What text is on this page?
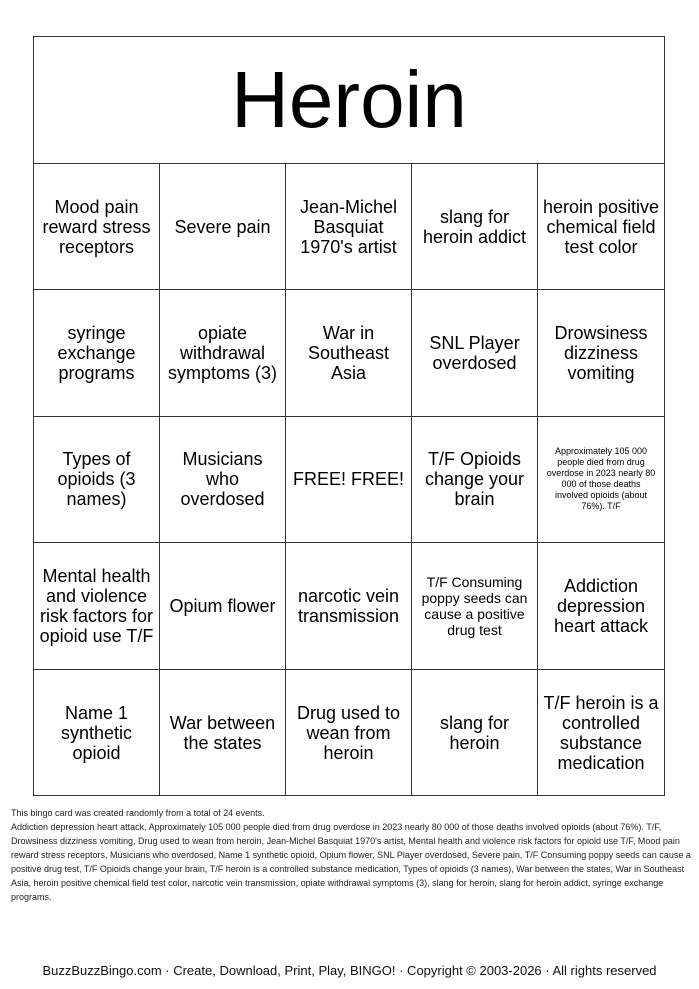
Heroin
Mood pain reward stress receptors
Severe pain
Jean-Michel Basquiat 1970's artist
slang for heroin addict
heroin positive chemical field test color
syringe exchange programs
opiate withdrawal symptoms (3)
War in Southeast Asia
SNL Player overdosed
Drowsiness dizziness vomiting
Types of opioids (3 names)
Musicians who overdosed
FREE! FREE!
T/F Opioids change your brain
Approximately 105 000 people died from drug overdose in 2023 nearly 80 000 of those deaths involved opioids (about 76%). T/F
Mental health and violence risk factors for opioid use T/F
Opium flower	narcotic vein transmission
T/F Consuming poppy seeds can cause a positive drug test
Addiction depression heart attack
Name 1 synthetic opioid
War between the states
Drug used to wean from heroin
slang for heroin
T/F heroin is a controlled substance medication

This bingo card was created randomly from a total of 24 events.

Addiction depression heart attack, Approximately 105 000 people died from drug overdose in 2023 nearly 80 000 of those deaths involved opioids (about 76%). T/F, Drowsiness dizziness vomiting, Drug used to wean from heroin, Jean-Michel Basquiat 1970's artist, Mental health and violence risk factors for opioid use T/F, Mood pain reward stress receptors, Musicians who overdosed, Name 1 synthetic opioid, Opium flower, SNL Player overdosed, Severe pain, T/F Consuming poppy seeds can cause a positive drug test, T/F Opioids change your brain, T/F heroin is a controlled substance medication, Types of opioids (3 names), War between the states, War in Southeast Asia, heroin positive chemical field test color, narcotic vein transmission, opiate withdrawal symptoms (3), slang for heroin, slang for heroin addict, syringe exchange programs.

BuzzBuzzBingo.com · Create, Download, Print, Play, BINGO! · Copyright © 2003-2026 · All rights reserved
